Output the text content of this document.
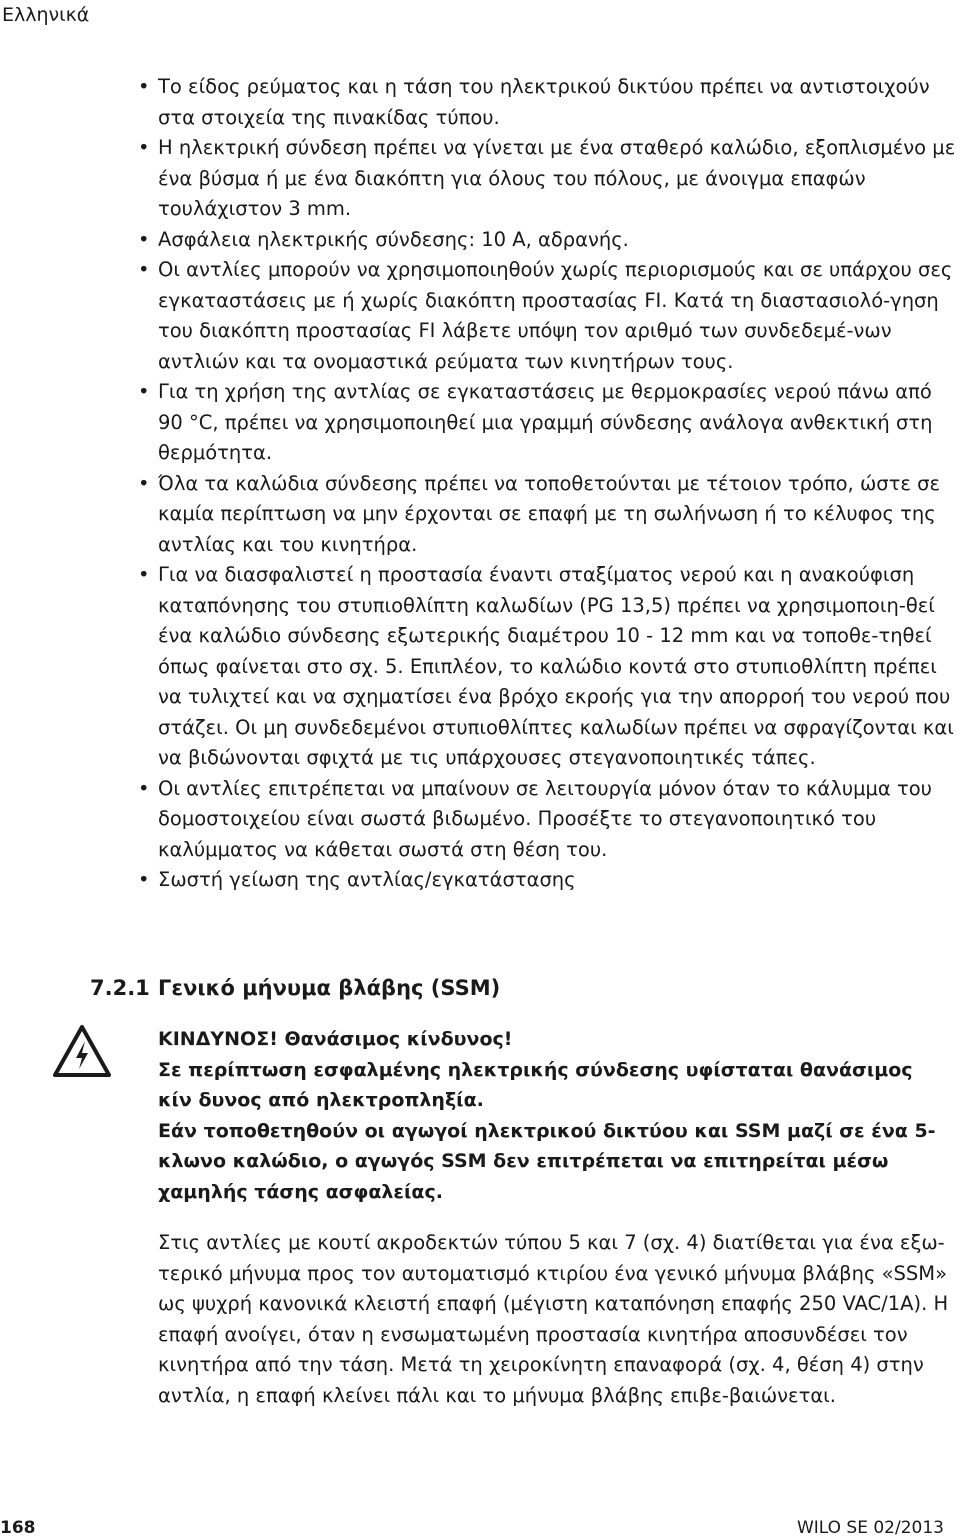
Ελληνικά
• Το είδος ρεύματος και η τάση του ηλεκτρικού δικτύου πρέπει να αντιστοιχούν στα στοιχεία της πινακίδας τύπου.
• Η ηλεκτρική σύνδεση πρέπει να γίνεται με ένα σταθερό καλώδιο, εξοπλισμένο με ένα βύσμα ή με ένα διακόπτη για όλους του πόλους, με άνοιγμα επαφών τουλάχιστον 3 mm.
• Ασφάλεια ηλεκτρικής σύνδεσης: 10 A, αδρανής.
• Οι αντλίες μπορούν να χρησιμοποιηθούν χωρίς περιορισμούς και σε υπάρχου σες εγκαταστάσεις με ή χωρίς διακόπτη προστασίας FI. Κατά τη διαστασιολό-γηση του διακόπτη προστασίας FI λάβετε υπόψη τον αριθμό των συνδεδεμέ-νων αντλιών και τα ονομαστικά ρεύματα των κινητήρων τους.
• Για τη χρήση της αντλίας σε εγκαταστάσεις με θερμοκρασίες νερού πάνω από 90 °C, πρέπει να χρησιμοποιηθεί μια γραμμή σύνδεσης ανάλογα ανθεκτική στη θερμότητα.
• Όλα τα καλώδια σύνδεσης πρέπει να τοποθετούνται με τέτοιον τρόπο, ώστε σε καμία περίπτωση να μην έρχονται σε επαφή με τη σωλήνωση ή το κέλυφος της αντλίας και του κινητήρα.
• Για να διασφαλιστεί η προστασία έναντι σταξίματος νερού και η ανακούφιση καταπόνησης του στυπιοθλίπτη καλωδίων (PG 13,5) πρέπει να χρησιμοποιη-θεί ένα καλώδιο σύνδεσης εξωτερικής διαμέτρου 10 - 12 mm και να τοποθε-τηθεί όπως φαίνεται στο σχ. 5. Επιπλέον, το καλώδιο κοντά στο στυπιοθλίπτη πρέπει να τυλιχτεί και να σχηματίσει ένα βρόχο εκροής για την απορροή του νερού που στάζει. Οι μη συνδεδεμένοι στυπιοθλίπτες καλωδίων πρέπει να σφραγίζονται και να βιδώνονται σφιχτά με τις υπάρχουσες στεγανοποιητικές τάπες.
• Οι αντλίες επιτρέπεται να μπαίνουν σε λειτουργία μόνον όταν το κάλυμμα του δομοστοιχείου είναι σωστά βιδωμένο. Προσέξτε το στεγανοποιητικό του καλύμματος να κάθεται σωστά στη θέση του.
• Σωστή γείωση της αντλίας/εγκατάστασης
7.2.1 Γενικό μήνυμα βλάβης (SSM)
ΚΙΝΔΥΝΟΣ! Θανάσιμος κίνδυνος!
Σε περίπτωση εσφαλμένης ηλεκτρικής σύνδεσης υφίσταται θανάσιμος κίν δυνος από ηλεκτροπληξία.
Εάν τοποθετηθούν οι αγωγοί ηλεκτρικού δικτύου και SSM μαζί σε ένα 5-κλωνο καλώδιο, ο αγωγός SSM δεν επιτρέπεται να επιτηρείται μέσω χαμηλής τάσης ασφαλείας.
Στις αντλίες με κουτί ακροδεκτών τύπου 5 και 7 (σχ. 4) διατίθεται για ένα εξω-τερικό μήνυμα προς τον αυτοματισμό κτιρίου ένα γενικό μήνυμα βλάβης «SSM» ως ψυχρή κανονικά κλειστή επαφή (μέγιστη καταπόνηση επαφής 250 VAC/1A). Η επαφή ανοίγει, όταν η ενσωματωμένη προστασία κινητήρα αποσυνδέσει τον κινητήρα από την τάση. Μετά τη χειροκίνητη επαναφορά (σχ. 4, θέση 4) στην αντλία, η επαφή κλείνει πάλι και το μήνυμα βλάβης επιβε-βαιώνεται.
168	WILO SE 02/2013
